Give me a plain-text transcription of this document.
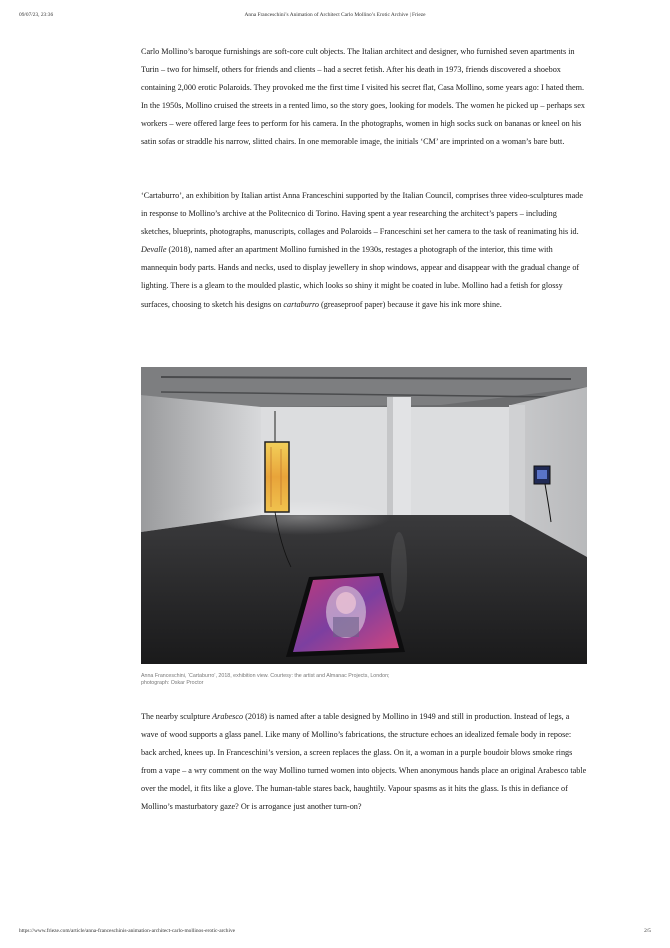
09/07/23, 23:36	Anna Franceschini’s Animation of Architect Carlo Mollino’s Erotic Archive | Frieze

Carlo Mollino’s baroque furnishings are soft-core cult objects. The Italian architect and designer, who furnished seven apartments in Turin – two for himself, others for friends and clients – had a secret fetish. After his death in 1973, friends discovered a shoebox containing 2,000 erotic Polaroids. They provoked me the first time I visited his secret flat, Casa Mollino, some years ago: I hated them. In the 1950s, Mollino cruised the streets in a rented limo, so the story goes, looking for models. The women he picked up – perhaps sex workers – were offered large fees to perform for his camera. In the photographs, women in high socks suck on bananas or kneel on his satin sofas or straddle his narrow, slitted chairs. In one memorable image, the initials ‘CM’ are imprinted on a woman’s bare butt.

‘Cartaburro’, an exhibition by Italian artist Anna Franceschini supported by the Italian Council, comprises three video-sculptures made in response to Mollino’s archive at the Politecnico di Torino. Having spent a year researching the architect’s papers – including sketches, blueprints, photographs, manuscripts, collages and Polaroids – Franceschini set her camera to the task of reanimating his id. Devalle (2018), named after an apartment Mollino furnished in the 1930s, restages a photograph of the interior, this time with mannequin body parts. Hands and necks, used to display jewellery in shop windows, appear and disappear with the gradual change of lighting. There is a gleam to the moulded plastic, which looks so shiny it might be coated in lube. Mollino had a fetish for glossy surfaces, choosing to sketch his designs on cartaburro (greaseproof paper) because it gave his ink more shine.

Anna Franceschini, ‘Cartaburro’, 2018, exhibition view. Courtesy: the artist and Almanac Projects, London; photograph: Oskar Proctor

The nearby sculpture Arabesco (2018) is named after a table designed by Mollino in 1949 and still in production. Instead of legs, a wave of wood supports a glass panel. Like many of Mollino’s fabrications, the structure echoes an idealized female body in repose: back arched, knees up. In Franceschini’s version, a screen replaces the glass. On it, a woman in a purple boudoir blows smoke rings from a vape – a wry comment on the way Mollino turned women into objects. When anonymous hands place an original Arabesco table over the model, it fits like a glove. The human-table stares back, haughtily. Vapour spasms as it hits the glass. Is this in defiance of Mollino’s masturbatory gaze? Or is arrogance just another turn-on?

https://www.frieze.com/article/anna-franceschinis-animation-architect-carlo-mollinos-erotic-archive	2/5
